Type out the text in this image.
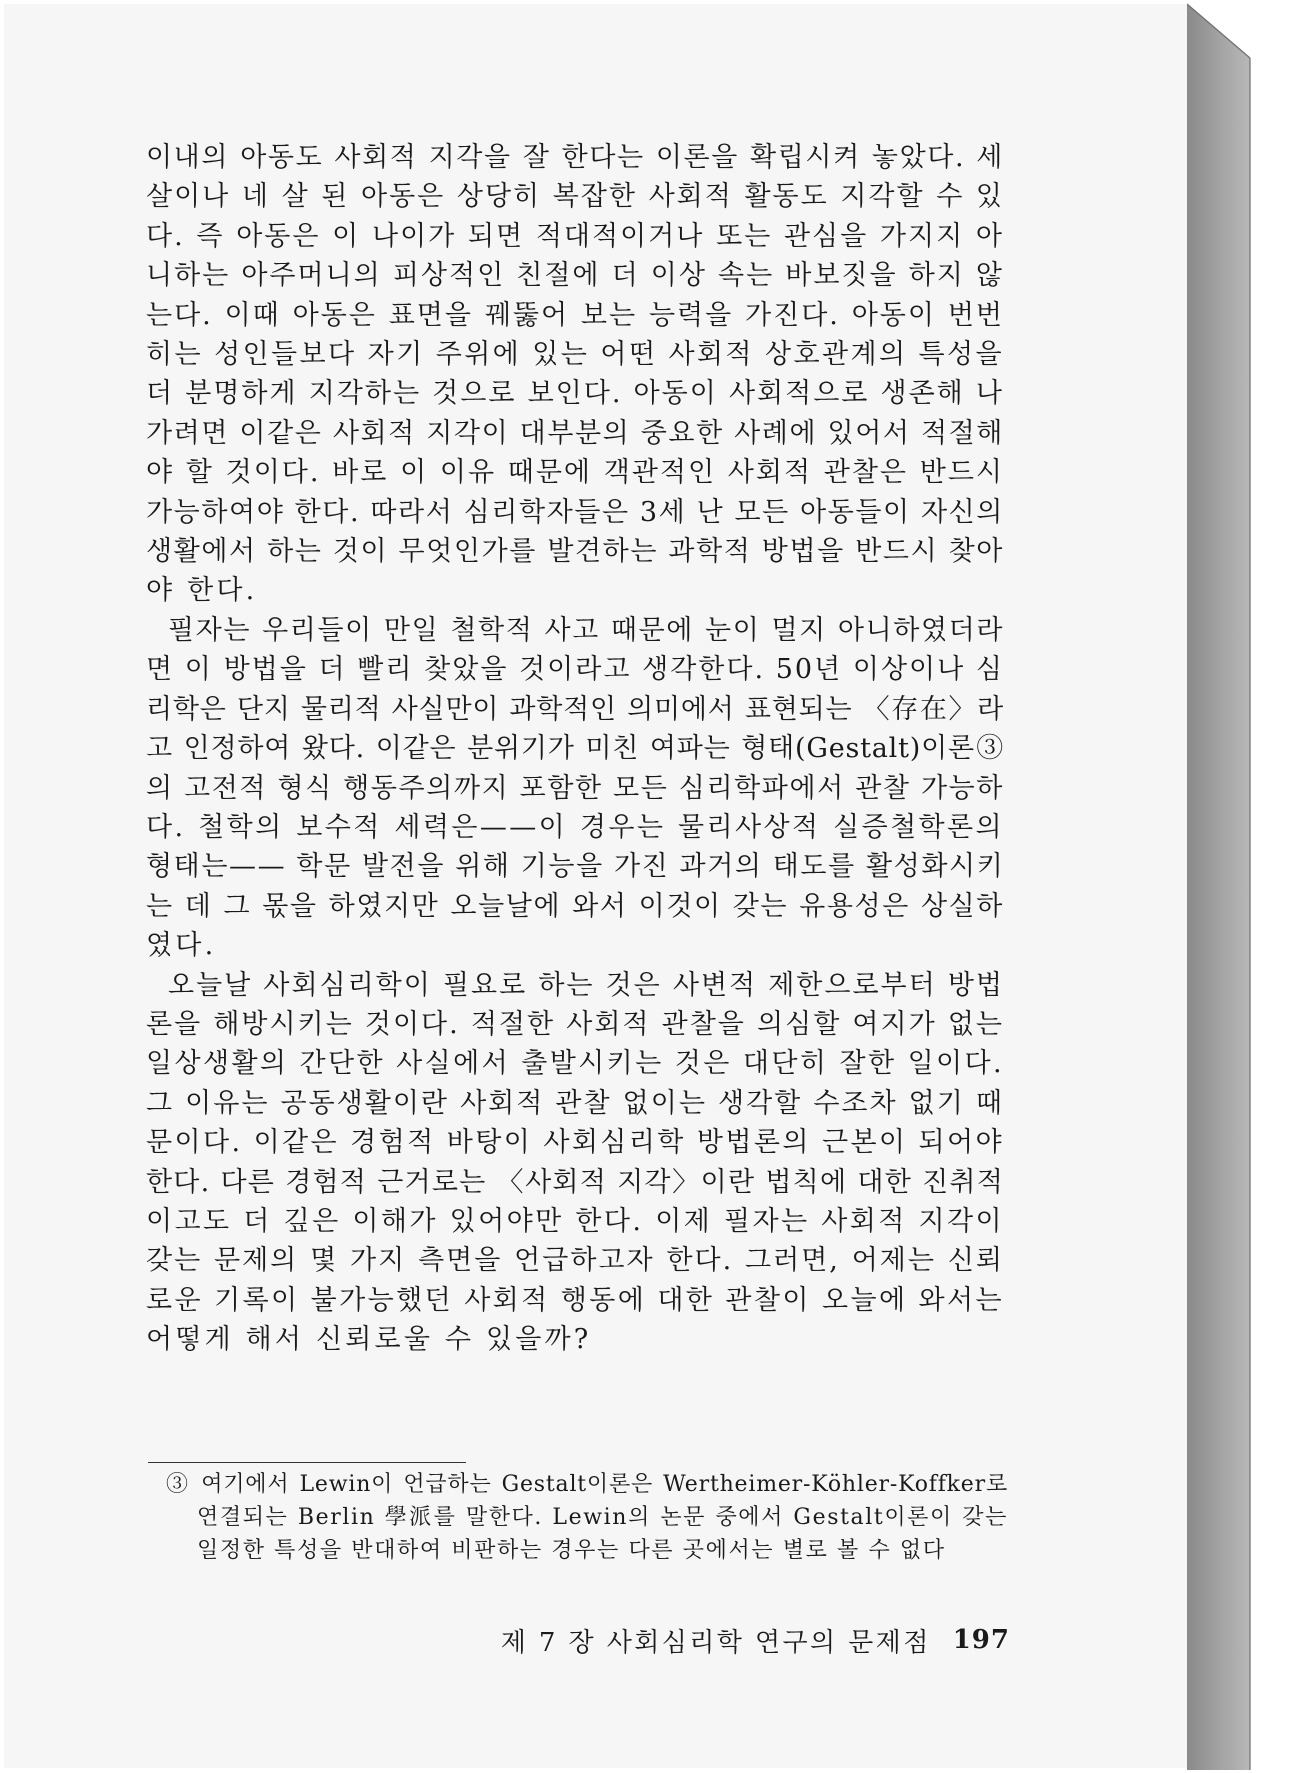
이내의 아동도 사회적 지각을 잘 한다는 이론을 확립시켜 놓았다. 세
살이나 네 살 된 아동은 상당히 복잡한 사회적 활동도 지각할 수 있
다. 즉 아동은 이 나이가 되면 적대적이거나 또는 관심을 가지지 아
니하는 아주머니의 피상적인 친절에 더 이상 속는 바보짓을 하지 않
는다. 이때 아동은 표면을 꿰뚫어 보는 능력을 가진다. 아동이 번번
히는 성인들보다 자기 주위에 있는 어떤 사회적 상호관계의 특성을
더 분명하게 지각하는 것으로 보인다. 아동이 사회적으로 생존해 나
가려면 이같은 사회적 지각이 대부분의 중요한 사례에 있어서 적절해
야 할 것이다. 바로 이 이유 때문에 객관적인 사회적 관찰은 반드시
가능하여야 한다. 따라서 심리학자들은 3세 난 모든 아동들이 자신의
생활에서 하는 것이 무엇인가를 발견하는 과학적 방법을 반드시 찾아
야 한다.

필자는 우리들이 만일 철학적 사고 때문에 눈이 멀지 아니하였더라
면 이 방법을 더 빨리 찾았을 것이라고 생각한다. 50년 이상이나 심
리학은 단지 물리적 사실만이 과학적인 의미에서 표현되는 〈存在〉라
고 인정하여 왔다. 이같은 분위기가 미친 여파는 형태(Gestalt)이론③
의 고전적 형식 행동주의까지 포함한 모든 심리학파에서 관찰 가능하
다. 철학의 보수적 세력은——이 경우는 물리사상적 실증철학론의
형태는—— 학문 발전을 위해 기능을 가진 과거의 태도를 활성화시키
는 데 그 몫을 하였지만 오늘날에 와서 이것이 갖는 유용성은 상실하
였다.

오늘날 사회심리학이 필요로 하는 것은 사변적 제한으로부터 방법
론을 해방시키는 것이다. 적절한 사회적 관찰을 의심할 여지가 없는
일상생활의 간단한 사실에서 출발시키는 것은 대단히 잘한 일이다.
그 이유는 공동생활이란 사회적 관찰 없이는 생각할 수조차 없기 때
문이다. 이같은 경험적 바탕이 사회심리학 방법론의 근본이 되어야
한다. 다른 경험적 근거로는 〈사회적 지각〉이란 법칙에 대한 진취적
이고도 더 깊은 이해가 있어야만 한다. 이제 필자는 사회적 지각이
갖는 문제의 몇 가지 측면을 언급하고자 한다. 그러면, 어제는 신뢰
로운 기록이 불가능했던 사회적 행동에 대한 관찰이 오늘에 와서는
어떻게 해서 신뢰로울 수 있을까?

③ 여기에서 Lewin이 언급하는 Gestalt이론은 Wertheimer-Köhler-Koffker로
연결되는 Berlin 學派를 말한다. Lewin의 논문 중에서 Gestalt이론이 갖는
일정한 특성을 반대하여 비판하는 경우는 다른 곳에서는 별로 볼 수 없다
제 7 장 사회심리학 연구의 문제점 197
